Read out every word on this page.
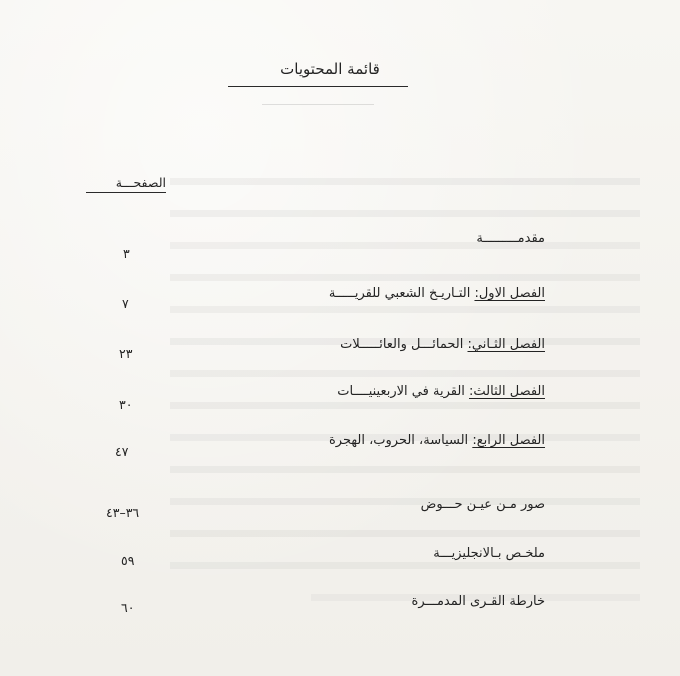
قائمة المحتويات
الصفحـــة
مقدمـــــــــة
٣
الفصل الاول: التـاريـخ الشعبي للقريـــــة
٧
الفصل الثـاني: الحمائـــل والعائـــــلات
٢٣
الفصل الثالث: القرية في الاربعينيــــات
٣٠
الفصل الرابع: السياسة، الحروب، الهجرة
٤٧
صور مـن عيـن حـــوض
٣٦–٤٣
ملخـص بـالانجليزيـــة
٥٩
خارطة القـرى المدمـــرة
٦٠
